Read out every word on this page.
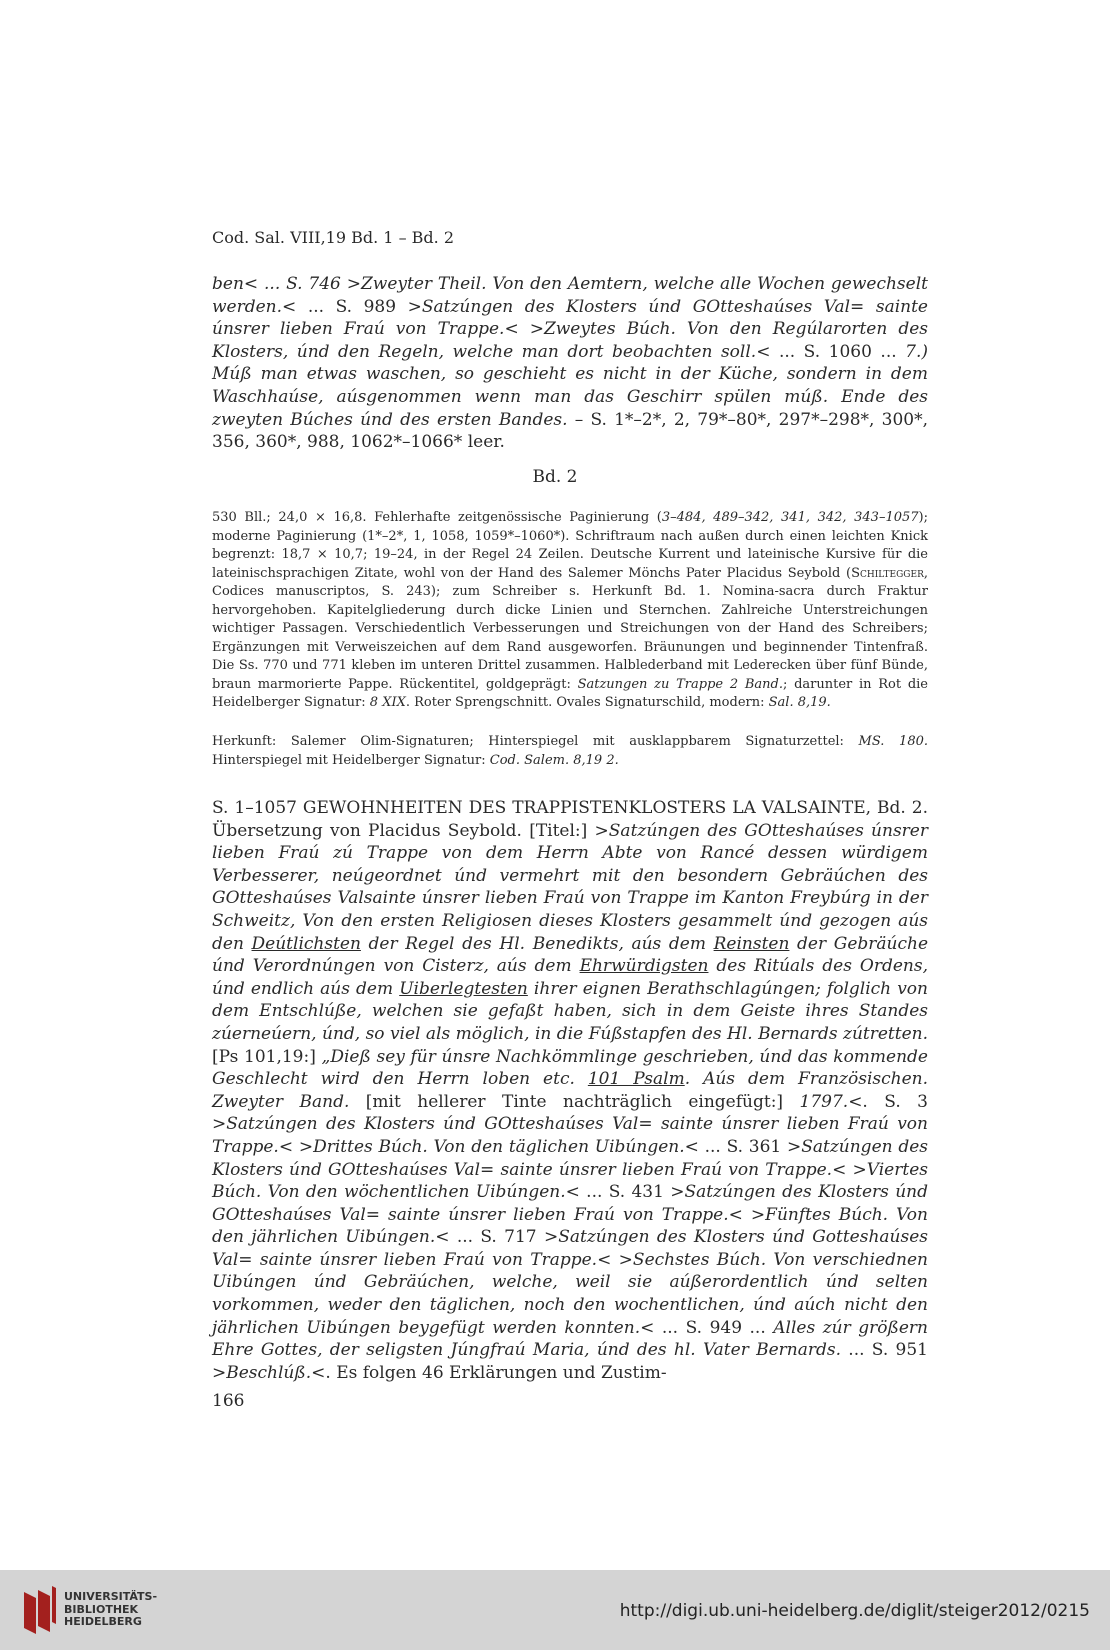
Cod. Sal. VIII,19 Bd. 1 – Bd. 2
ben< ... S. 746 >Zweyter Theil. Von den Aemtern, welche alle Wochen gewechselt werden.< ... S. 989 >Satzúngen des Klosters únd GOtteshaúses Val= sainte únsrer lieben Fraú von Trappe.< >Zweytes Búch. Von den Regúlarorten des Klosters, únd den Regeln, welche man dort beobachten soll.< ... S. 1060 ... 7.) Múß man etwas waschen, so geschieht es nicht in der Küche, sondern in dem Waschhaúse, aúsgenommen wenn man das Geschirr spülen múß. Ende des zweyten Búches únd des ersten Bandes. – S. 1*–2*, 2, 79*–80*, 297*–298*, 300*, 356, 360*, 988, 1062*–1066* leer.
Bd. 2
530 Bll.; 24,0 × 16,8. Fehlerhafte zeitgenössische Paginierung (3–484, 489–342, 341, 342, 343–1057); moderne Paginierung (1*–2*, 1, 1058, 1059*–1060*). Schriftraum nach außen durch einen leichten Knick begrenzt: 18,7 × 10,7; 19–24, in der Regel 24 Zeilen. Deutsche Kurrent und lateinische Kursive für die lateinischsprachigen Zitate, wohl von der Hand des Salemer Mönchs Pater Placidus Seybold (Schiltegger, Codices manuscriptos, S. 243); zum Schreiber s. Herkunft Bd. 1. Nomina-sacra durch Fraktur hervorgehoben. Kapitelgliederung durch dicke Linien und Sternchen. Zahlreiche Unterstreichungen wichtiger Passagen. Verschiedentlich Verbesserungen und Streichungen von der Hand des Schreibers; Ergänzungen mit Verweiszeichen auf dem Rand ausgeworfen. Bräunungen und beginnender Tintenfraß. Die Ss. 770 und 771 kleben im unteren Drittel zusammen. Halblederband mit Lederecken über fünf Bünde, braun marmorierte Pappe. Rückentitel, goldgeprägt: Satzungen zu Trappe 2 Band.; darunter in Rot die Heidelberger Signatur: 8 XIX. Roter Sprengschnitt. Ovales Signaturschild, modern: Sal. 8,19.
Herkunft: Salemer Olim-Signaturen; Hinterspiegel mit ausklappbarem Signaturzettel: MS. 180. Hinterspiegel mit Heidelberger Signatur: Cod. Salem. 8,19 2.
S. 1–1057 GEWOHNHEITEN DES TRAPPISTENKLOSTERS LA VALSAINTE, Bd. 2. Übersetzung von Placidus Seybold. [Titel:] >Satzúngen des GOtteshaúses únsrer lieben Fraú zú Trappe von dem Herrn Abte von Rancé dessen würdigem Verbesserer, neúgeordnet únd vermehrt mit den besondern Gebräúchen des GOtteshaúses Valsainte únsrer lieben Fraú von Trappe im Kanton Freybúrg in der Schweitz, Von den ersten Religiosen dieses Klosters gesammelt únd gezogen aús den Deútlichsten der Regel des Hl. Benedikts, aús dem Reinsten der Gebräúche únd Verordnúngen von Cisterz, aús dem Ehrwürdigsten des Ritúals des Ordens, únd endlich aús dem Uiberlegtesten ihrer eignen Berathschlagúngen; folglich von dem Entschlúße, welchen sie gefaßt haben, sich in dem Geiste ihres Standes zúerneúern, únd, so viel als möglich, in die Fúßstapfen des Hl. Bernards zútretten. [Ps 101,19:] „Dieß sey für únsre Nachkömmlinge geschrieben, únd das kommende Geschlecht wird den Herrn loben etc. 101 Psalm. Aús dem Französischen. Zweyter Band. [mit hellerer Tinte nachträglich eingefügt:] 1797.<. S. 3 >Satzúngen des Klosters únd GOtteshaúses Val= sainte únsrer lieben Fraú von Trappe.< >Drittes Búch. Von den täglichen Uibúngen.< ... S. 361 >Satzúngen des Klosters únd GOtteshaúses Val= sainte únsrer lieben Fraú von Trappe.< >Viertes Búch. Von den wöchentlichen Uibúngen.< ... S. 431 >Satzúngen des Klosters únd GOtteshaúses Val= sainte únsrer lieben Fraú von Trappe.< >Fünftes Búch. Von den jährlichen Uibúngen.< ... S. 717 >Satzúngen des Klosters únd Gotteshaúses Val= sainte únsrer lieben Fraú von Trappe.< >Sechstes Búch. Von verschiednen Uibúngen únd Gebräúchen, welche, weil sie aúßerordentlich únd selten vorkommen, weder den täglichen, noch den wochentlichen, únd aúch nicht den jährlichen Uibúngen beygefügt werden konnten.< ... S. 949 ... Alles zúr größern Ehre Gottes, der seligsten Júngfraú Maria, únd des hl. Vater Bernards. ... S. 951 >Beschlúß.<. Es folgen 46 Erklärungen und Zustim-
166
UNIVERSITÄTS-
BIBLIOTHEK
HEIDELBERG
http://digi.ub.uni-heidelberg.de/diglit/steiger2012/0215
